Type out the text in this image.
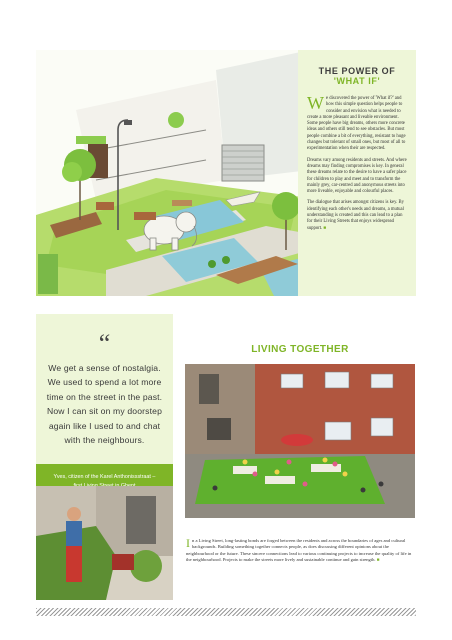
THE POWER OF
'WHAT IF'

We discovered the power of 'What if?' and how this simple question helps people to consider and envision what is needed to create a more pleasant and liveable environment. Some people have big dreams, others more concrete ideas and others still tend to see obstacles. But most people combine a bit of everything, resistant to huge changes but tolerant of small ones, but most of all to experimentation when their are respected.

Dreams vary among residents and streets. And where dreams may finding compromises is key. In general these dreams relate to the desire to have a safer place for children to play and meet and to transform the mainly grey, car-centred and anonymous streets into more liveable, enjoyable and colourful places.

The dialogue that arises amongst citizens is key. By identifying each other's needs and dreams, a mutual understanding is created and this can lead to a plan for their Living Streets that enjoys widespread support. ■

“
We get a sense of nostalgia. We used to spend a lot more time on the street in the past. Now I can sit on my doorstep again like I used to and chat with the neighbours.
Yves, citizen of the Karel Anthonissstraat –
LIVING TOGETHER
In a Living Street, long-lasting bonds are forged between the residents and across the boundaries of ages and cultural backgrounds. Building something together connects people, as does discussing different opinions about the neighbourhood or the future. These sincere connections lead to various continuing projects to increase the quality of life in the neighbourhood. Projects to make the streets more lively and sustainable continue and gain strength. ■
